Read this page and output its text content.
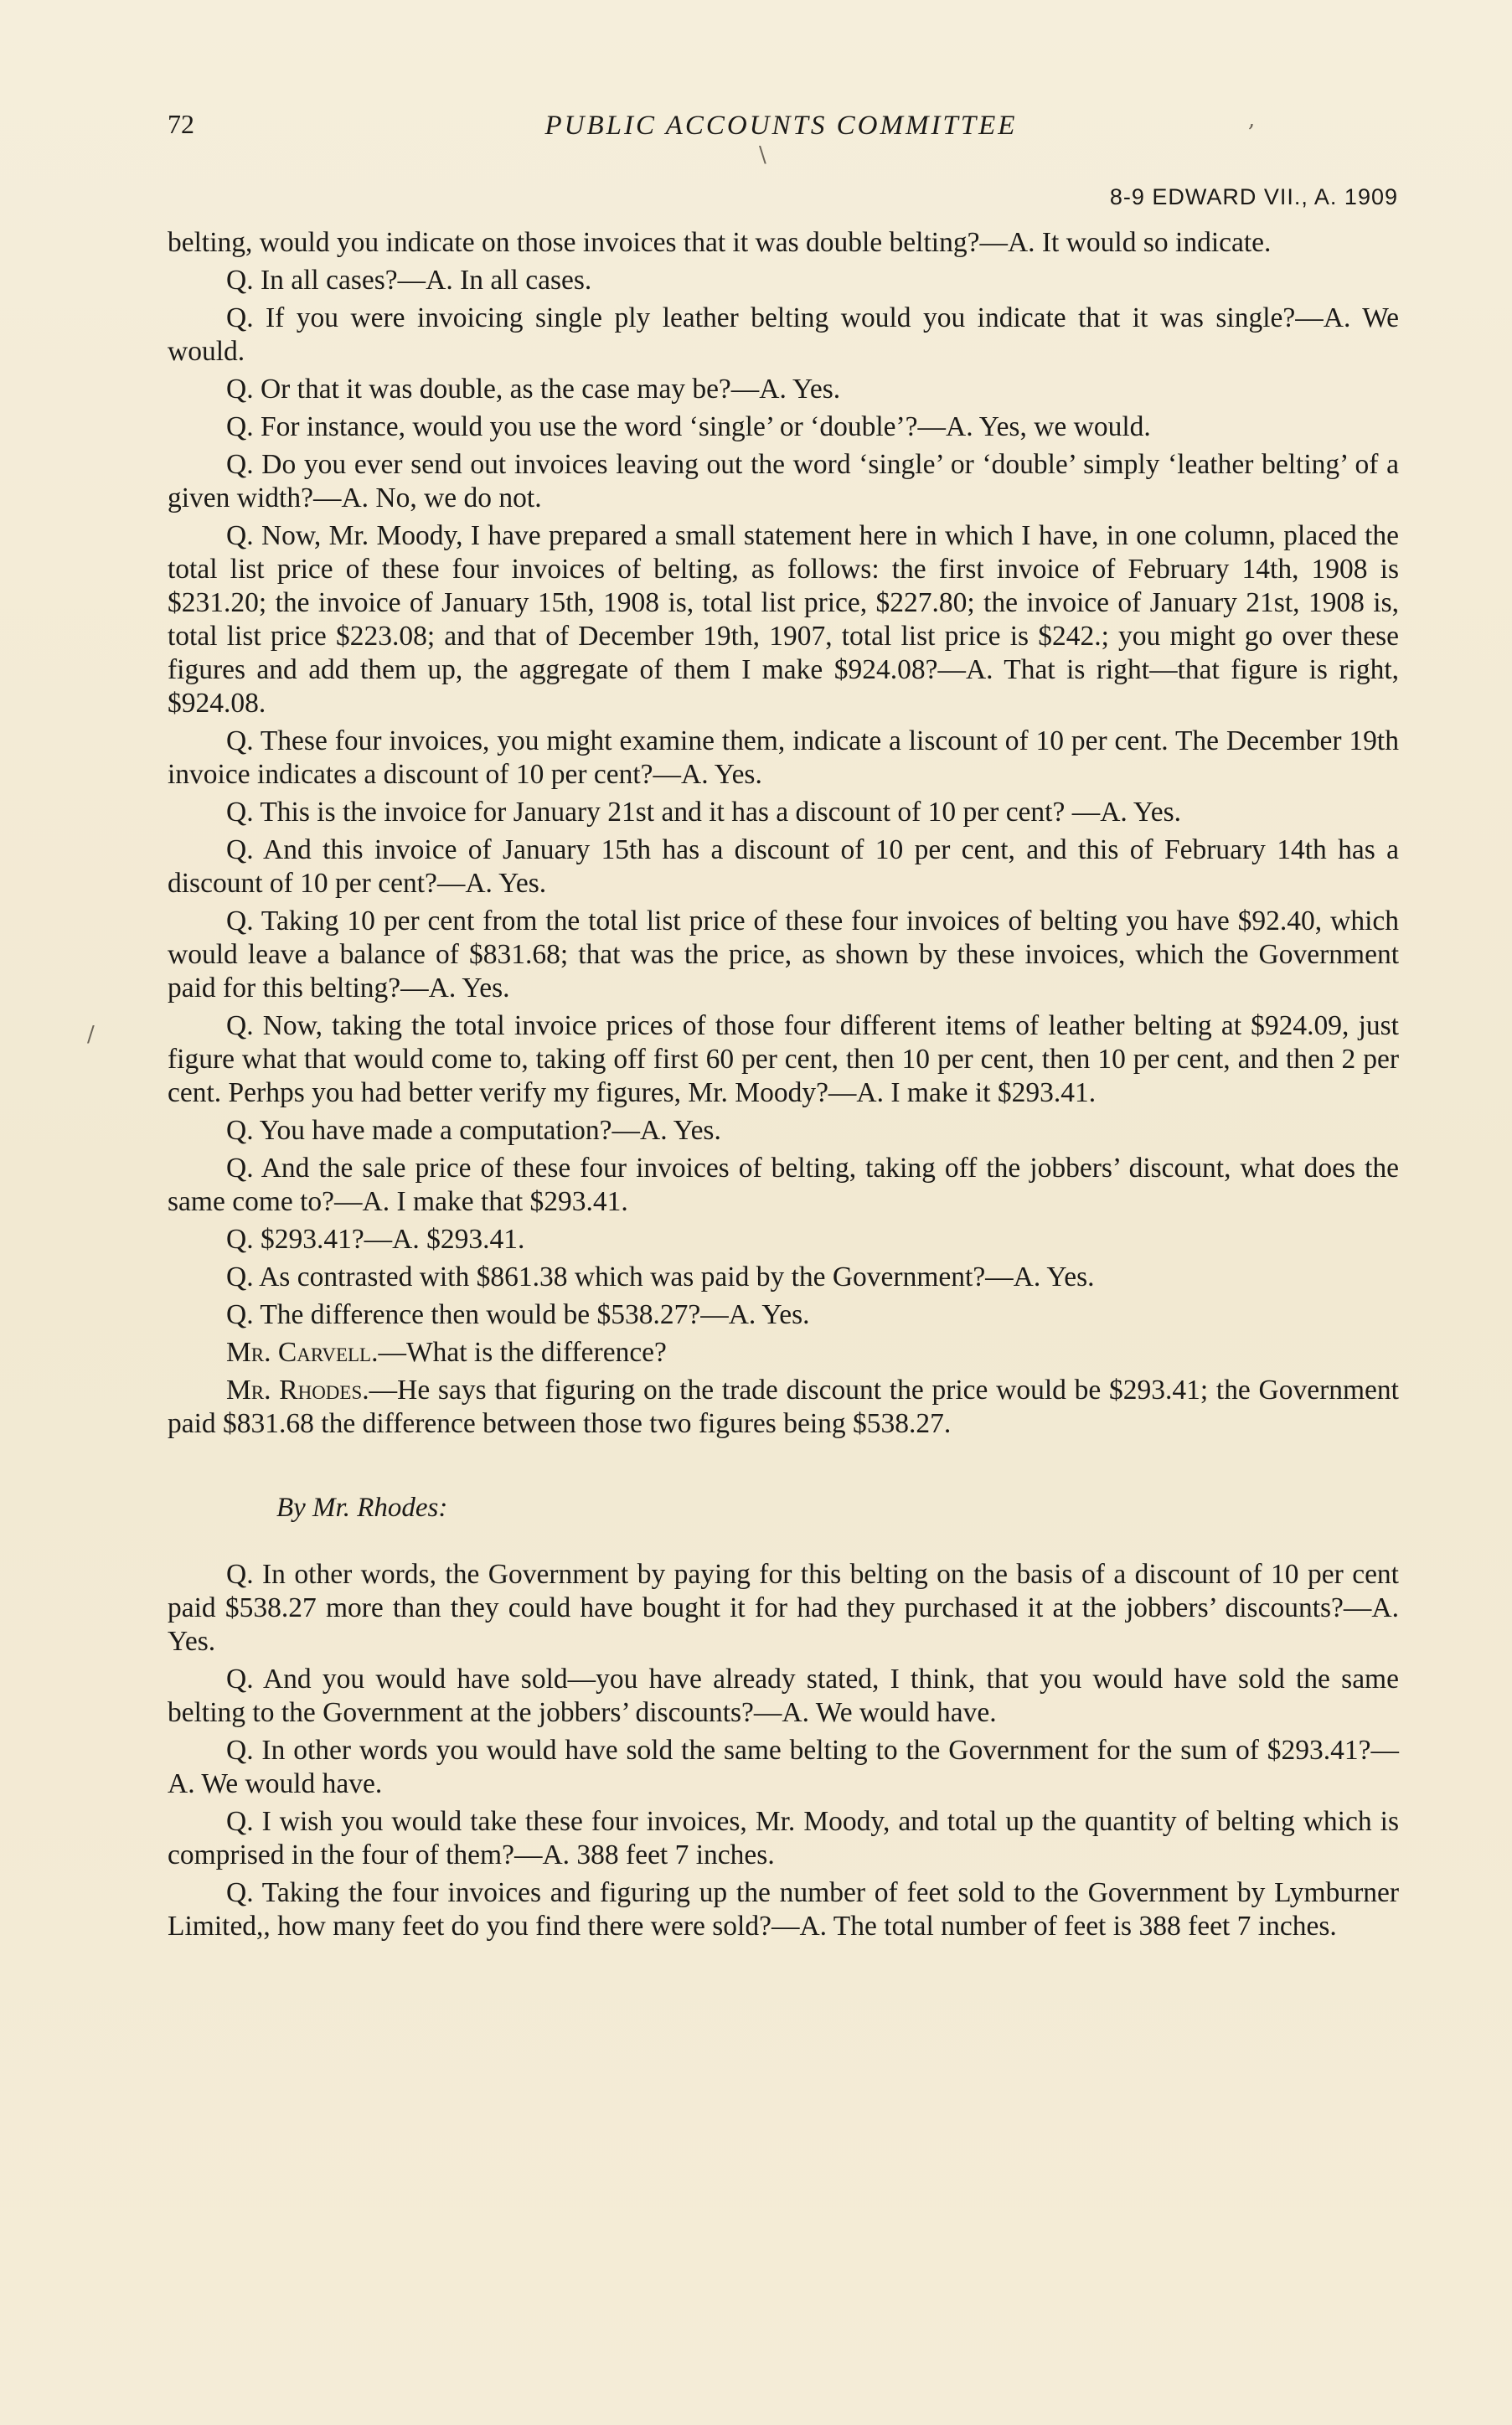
72	PUBLIC ACCOUNTS COMMITTEE
8-9 EDWARD VII., A. 1909
,
\
/

belting, would you indicate on those invoices that it was double belting?—A. It would so indicate.

Q. In all cases?—A. In all cases.

Q. If you were invoicing single ply leather belting would you indicate that it was single?—A. We would.

Q. Or that it was double, as the case may be?—A. Yes.

Q. For instance, would you use the word ‘single’ or ‘double’?—A. Yes, we would.

Q. Do you ever send out invoices leaving out the word ‘single’ or ‘double’ simply ‘leather belting’ of a given width?—A. No, we do not.

Q. Now, Mr. Moody, I have prepared a small statement here in which I have, in one column, placed the total list price of these four invoices of belting, as follows: the first invoice of February 14th, 1908 is $231.20; the invoice of January 15th, 1908 is, total list price, $227.80; the invoice of January 21st, 1908 is, total list price $223.08; and that of December 19th, 1907, total list price is $242.; you might go over these figures and add them up, the aggregate of them I make $924.08?—A. That is right—that figure is right, $924.08.

Q. These four invoices, you might examine them, indicate a liscount of 10 per cent. The December 19th invoice indicates a discount of 10 per cent?—A. Yes.

Q. This is the invoice for January 21st and it has a discount of 10 per cent? —A. Yes.

Q. And this invoice of January 15th has a discount of 10 per cent, and this of February 14th has a discount of 10 per cent?—A. Yes.

Q. Taking 10 per cent from the total list price of these four invoices of belting you have $92.40, which would leave a balance of $831.68; that was the price, as shown by these invoices, which the Government paid for this belting?—A. Yes.

Q. Now, taking the total invoice prices of those four different items of leather belting at $924.09, just figure what that would come to, taking off first 60 per cent, then 10 per cent, then 10 per cent, and then 2 per cent. Perhps you had better verify my figures, Mr. Moody?—A. I make it $293.41.

Q. You have made a computation?—A. Yes.

Q. And the sale price of these four invoices of belting, taking off the jobbers’ discount, what does the same come to?—A. I make that $293.41.

Q. $293.41?—A. $293.41.

Q. As contrasted with $861.38 which was paid by the Government?—A. Yes.

Q. The difference then would be $538.27?—A. Yes.

Mr. Carvell.—What is the difference?

Mr. Rhodes.—He says that figuring on the trade discount the price would be $293.41; the Government paid $831.68 the difference between those two figures being $538.27.

By Mr. Rhodes:

Q. In other words, the Government by paying for this belting on the basis of a discount of 10 per cent paid $538.27 more than they could have bought it for had they purchased it at the jobbers’ discounts?—A. Yes.

Q. And you would have sold—you have already stated, I think, that you would have sold the same belting to the Government at the jobbers’ discounts?—A. We would have.

Q. In other words you would have sold the same belting to the Government for the sum of $293.41?—A. We would have.

Q. I wish you would take these four invoices, Mr. Moody, and total up the quantity of belting which is comprised in the four of them?—A. 388 feet 7 inches.

Q. Taking the four invoices and figuring up the number of feet sold to the Government by Lymburner Limited,, how many feet do you find there were sold?—A. The total number of feet is 388 feet 7 inches.
